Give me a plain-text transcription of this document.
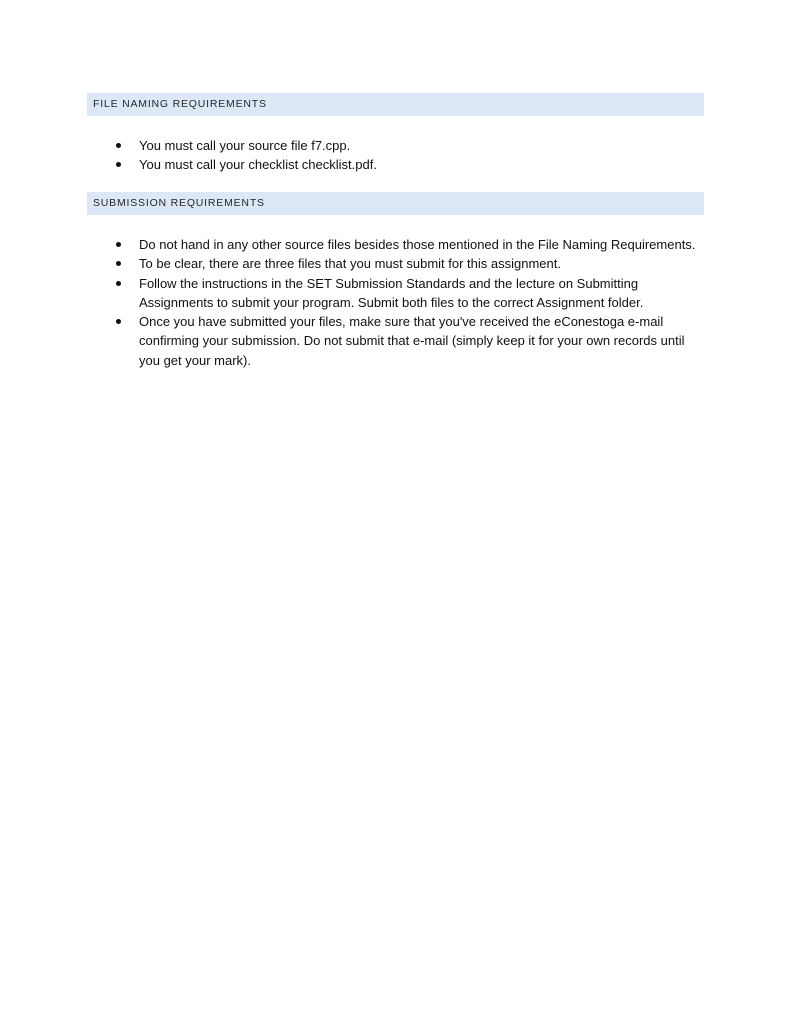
FILE NAMING REQUIREMENTS
You must call your source file f7.cpp.
You must call your checklist checklist.pdf.
SUBMISSION REQUIREMENTS
Do not hand in any other source files besides those mentioned in the File Naming Requirements.
To be clear, there are three files that you must submit for this assignment.
Follow the instructions in the SET Submission Standards and the lecture on Submitting Assignments to submit your program. Submit both files to the correct Assignment folder.
Once you have submitted your files, make sure that you've received the eConestoga e-mail confirming your submission. Do not submit that e-mail (simply keep it for your own records until you get your mark).
